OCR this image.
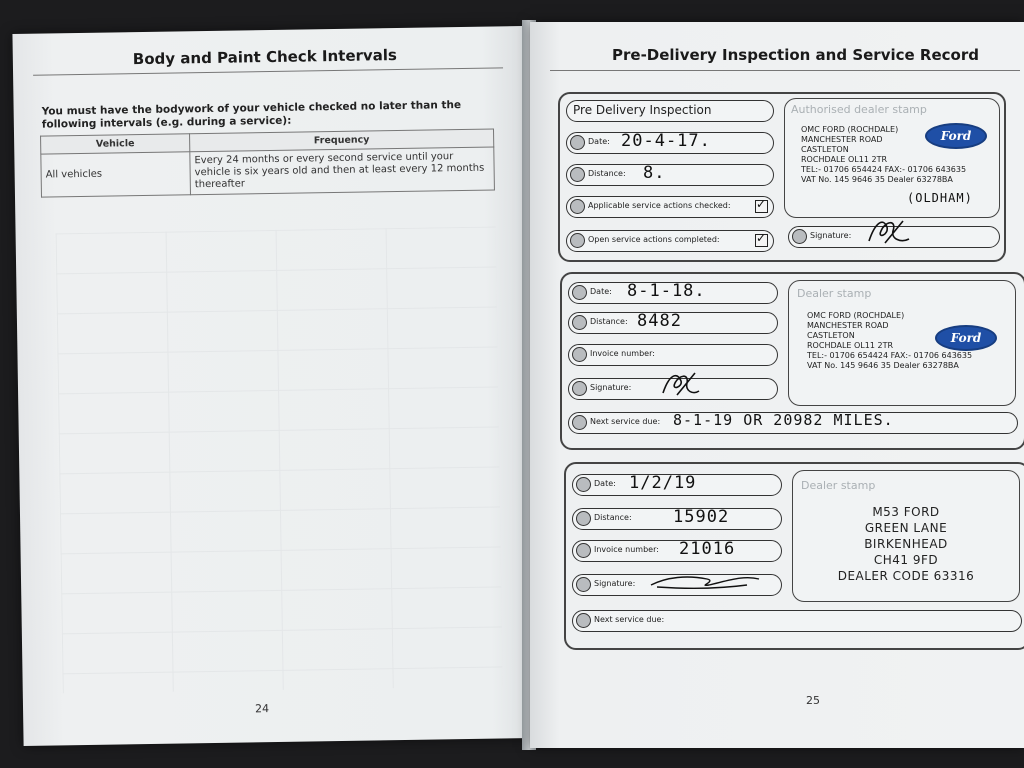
Body and Paint Check Intervals
You must have the bodywork of your vehicle checked no later than the following intervals (e.g. during a service):
Vehicle	Frequency
All vehicles	Every 24 months or every second service until your vehicle is six years old and then at least every 12 months thereafter
24
Pre-Delivery Inspection and Service Record
Pre Delivery Inspection
Date: 20-4-17.
Distance: 8.
Applicable service actions checked:
✓
Open service actions completed:
✓
Authorised dealer stamp
OMC FORD (ROCHDALE)
MANCHESTER ROAD
CASTLETON
ROCHDALE OL11 2TR
TEL:- 01706 654424 FAX:- 01706 643635
VAT No. 145 9646 35 Dealer 63278BA
Ford
(OLDHAM)
Signature:
Date: 8-1-18.
Distance: 8482
Invoice number:
Signature:
Next service due: 8-1-19 OR 20982 MILES.
Dealer stamp
OMC FORD (ROCHDALE)
MANCHESTER ROAD
CASTLETON
ROCHDALE OL11 2TR
TEL:- 01706 654424 FAX:- 01706 643635
VAT No. 145 9646 35 Dealer 63278BA
Ford
Date: 1/2/19
Distance: 15902
Invoice number: 21016
Signature:
Next service due:
Dealer stamp
M53 FORD
GREEN LANE
BIRKENHEAD
CH41 9FD
DEALER CODE 63316
25
